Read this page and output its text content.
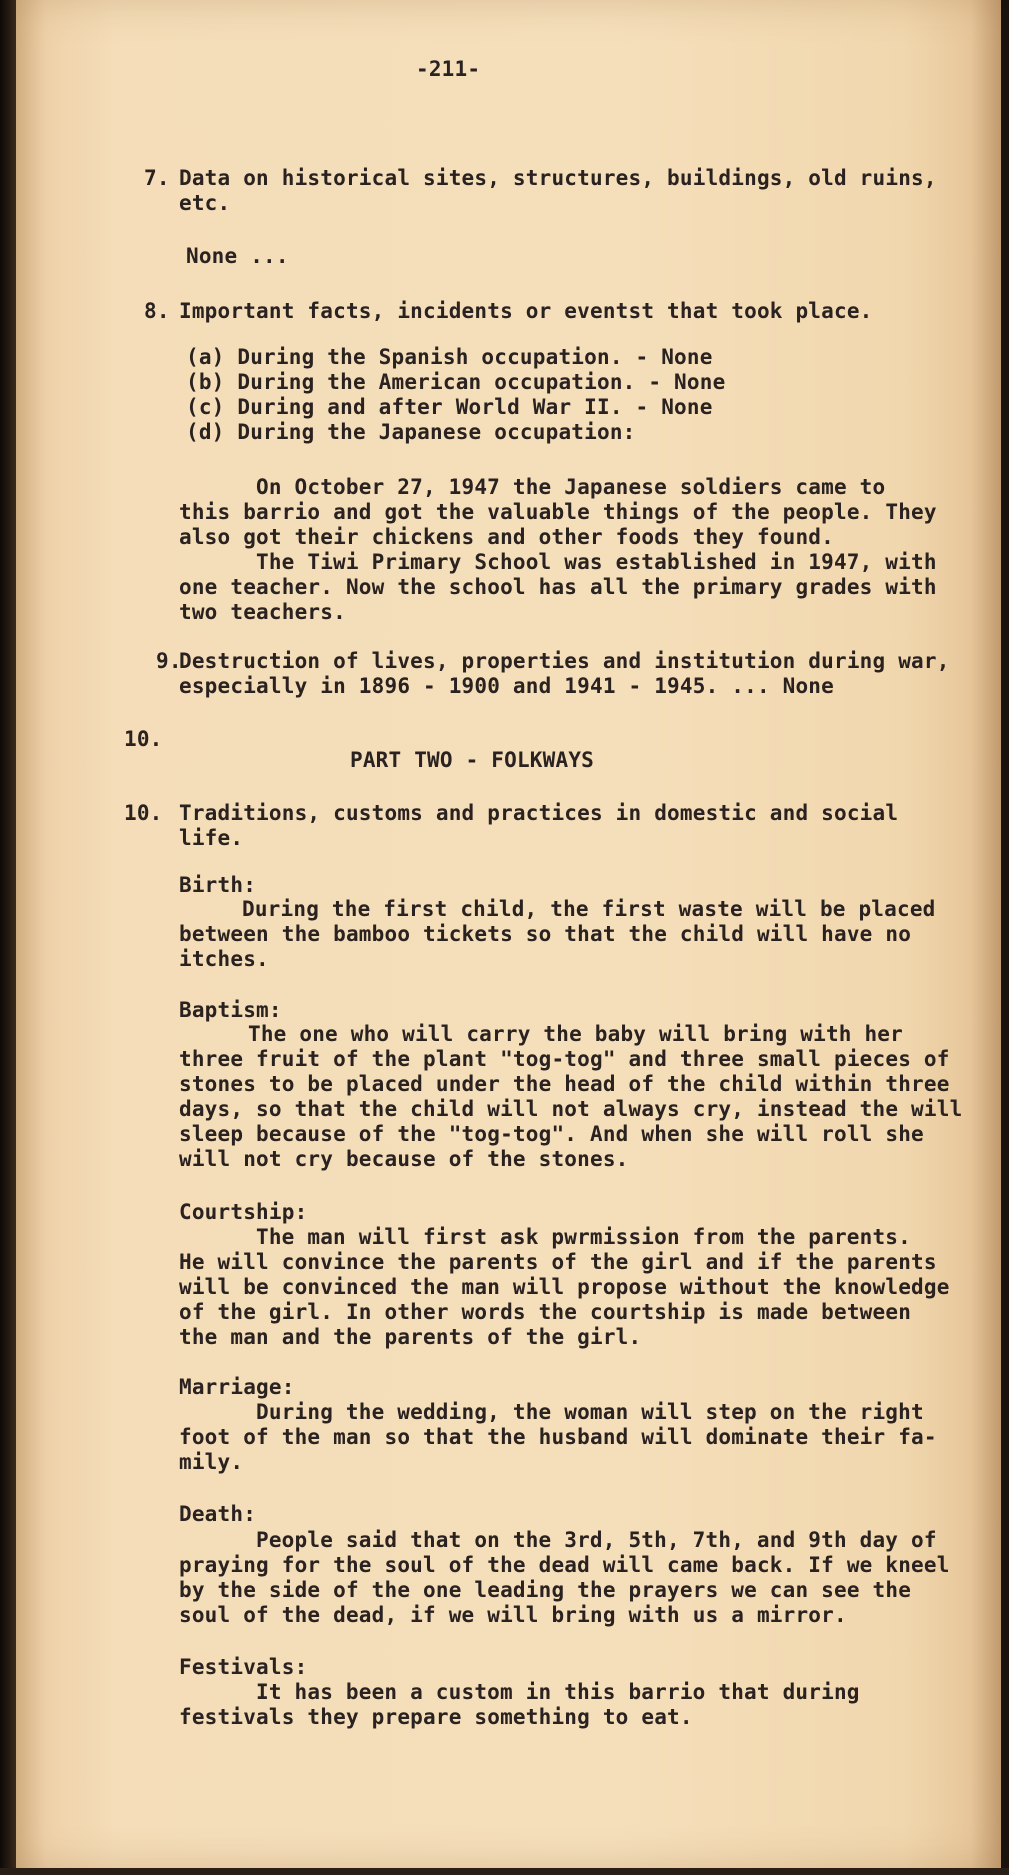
-211-

7. Data on historical sites, structures, buildings, old ruins,

etc.

None ...

8. Important facts, incidents or eventst that took place.

(a) During the Spanish occupation. - None

(b) During the American occupation. - None

(c) During and after World War II. - None

(d) During the Japanese occupation:

On October 27, 1947 the Japanese soldiers came to

this barrio and got the valuable things of the people. They

also got their chickens and other foods they found.

The Tiwi Primary School was established in 1947, with

one teacher. Now the school has all the primary grades with

two teachers.

9.

Destruction of lives, properties and institution during war,

especially in 1896 - 1900 and 1941 - 1945. ... None

10.

PART TWO - FOLKWAYS

10. Traditions, customs and practices in domestic and social

life.

Birth:

During the first child, the first waste will be placed

between the bamboo tickets so that the child will have no

itches.

Baptism:

The one who will carry the baby will bring with her

three fruit of the plant "tog-tog" and three small pieces of

stones to be placed under the head of the child within three

days, so that the child will not always cry, instead the will

sleep because of the "tog-tog". And when she will roll she

will not cry because of the stones.

Courtship:

The man will first ask pwrmission from the parents.

He will convince the parents of the girl and if the parents

will be convinced the man will propose without the knowledge

of the girl. In other words the courtship is made between

the man and the parents of the girl.

Marriage:

During the wedding, the woman will step on the right

foot of the man so that the husband will dominate their fa-

mily.

Death:

People said that on the 3rd, 5th, 7th, and 9th day of

praying for the soul of the dead will came back. If we kneel

by the side of the one leading the prayers we can see the

soul of the dead, if we will bring with us a mirror.

Festivals:

It has been a custom in this barrio that during

festivals they prepare something to eat.
